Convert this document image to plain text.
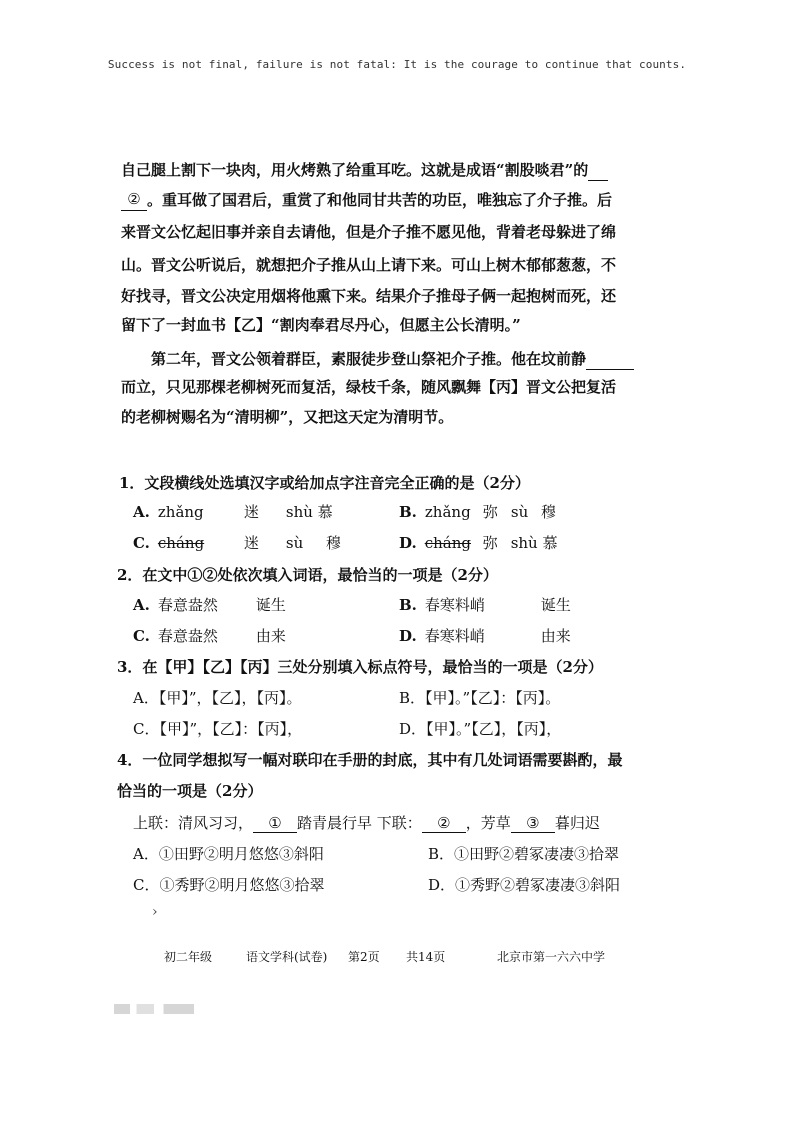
Success is not final, failure is not fatal: It is the courage to continue that counts.
自己腿上割下一块肉，用火烤熟了给重耳吃。这就是成语“割股啖君”的
② 。重耳做了国君后，重赏了和他同甘共苦的功臣，唯独忘了介子推。后
来晋文公忆起旧事并亲自去请他，但是介子推不愿见他，背着老母躲进了绵
山。晋文公听说后，就想把介子推从山上请下来。可山上树木郁郁葱葱，不
好找寻，晋文公决定用烟将他熏下来。结果介子推母子俩一起抱树而死，还
留下了一封血书【乙】“割肉奉君尽丹心，但愿主公长清明。”
第二年，晋文公领着群臣，素服徒步登山祭祀介子推。他在坟前静
而立，只见那棵老柳树死而复活，绿枝千条，随风飘舞【丙】晋文公把复活
的老柳树赐名为“清明柳”，又把这天定为清明节。
1．文段横线处选填汉字或给加点字注音完全正确的是（2分）
A. zhǎng	迷 shù 慕	B. zhǎng 弥 sù 穆
C. cháng	迷 sù 穆	D. cháng 弥 shù 慕
2．在文中①②处依次填入词语，最恰当的一项是（2分）
A. 春意盎然	诞生	B. 春寒料峭	诞生
C. 春意盎然	由来	D. 春寒料峭	由来
3．在【甲】【乙】【丙】三处分别填入标点符号，最恰当的一项是（2分）
A．【甲】”，【乙】，【丙】。	B．【甲】。”【乙】：【丙】。
C．【甲】”，【乙】：【丙】，	D．【甲】。”【乙】，【丙】，
4．一位同学想拟写一幅对联印在手册的封底，其中有几处词语需要斟酌，最
恰当的一项是（2分）
上联：清风习习， ① 踏青晨行早 下联： ② ，芳草 ③ 暮归迟
A．①田野②明月悠悠③斜阳	B．①田野②碧冢凄凄③拾翠
C．①秀野②明月悠悠③拾翠	D．①秀野②碧冢凄凄③斜阳
›
初二年级	语文学科(试卷) 第2页 共14页	北京市第一六六中学
